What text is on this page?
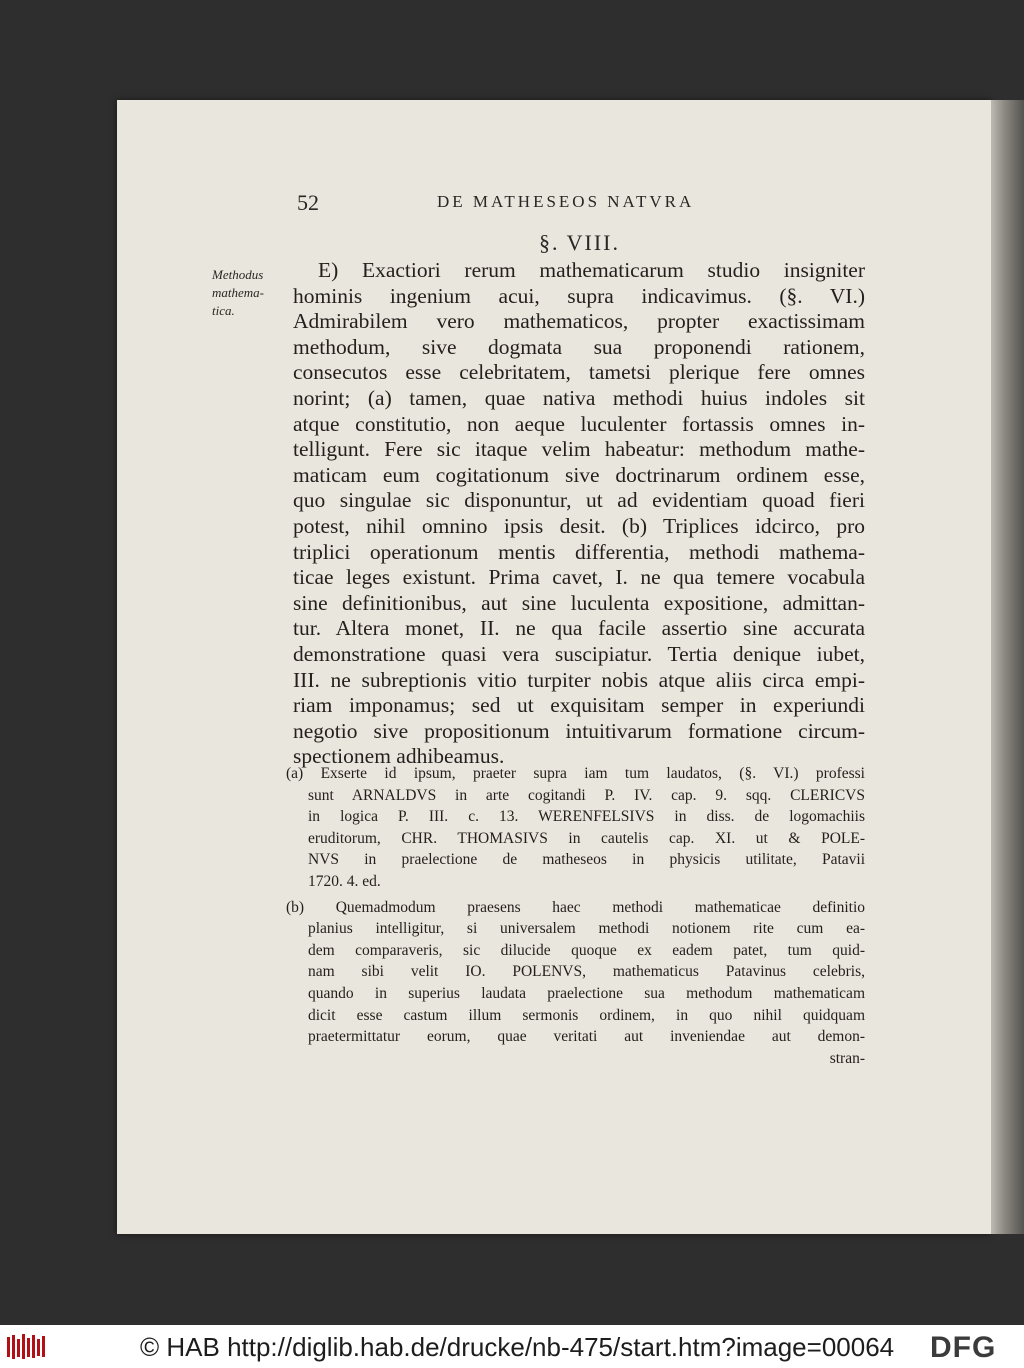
52	DE MATHESEOS NATVRA
§. VIII.
Methodus
mathema-
tica.
E) Exactiori rerum mathematicarum studio insigniter
hominis ingenium acui, supra indicavimus. (§. VI.)
Admirabilem vero mathematicos, propter exactissimam
methodum, sive dogmata sua proponendi rationem,
consecutos esse celebritatem, tametsi plerique fere omnes
norint; (a) tamen, quae nativa methodi huius indoles sit
atque constitutio, non aeque luculenter fortassis omnes in-
telligunt. Fere sic itaque velim habeatur: methodum mathe-
maticam eum cogitationum sive doctrinarum ordinem esse,
quo singulae sic disponuntur, ut ad evidentiam quoad fieri
potest, nihil omnino ipsis desit. (b) Triplices idcirco, pro
triplici operationum mentis differentia, methodi mathema-
ticae leges existunt. Prima cavet, I. ne qua temere vocabula
sine definitionibus, aut sine luculenta expositione, admittan-
tur. Altera monet, II. ne qua facile assertio sine accurata
demonstratione quasi vera suscipiatur. Tertia denique iubet,
III. ne subreptionis vitio turpiter nobis atque aliis circa empi-
riam imponamus; sed ut exquisitam semper in experiundi
negotio sive propositionum intuitivarum formatione circum-
spectionem adhibeamus.
(a) Exserte id ipsum, praeter supra iam tum laudatos, (§. VI.) professi
sunt ARNALDVS in arte cogitandi P. IV. cap. 9. sqq. CLERICVS
in logica P. III. c. 13. WERENFELSIVS in diss. de logomachiis
eruditorum, CHR. THOMASIVS in cautelis cap. XI. ut & POLE-
NVS in praelectione de matheseos in physicis utilitate, Patavii
1720. 4. ed.
(b) Quemadmodum praesens haec methodi mathematicae definitio
planius intelligitur, si universalem methodi notionem rite cum ea-
dem comparaveris, sic dilucide quoque ex eadem patet, tum quid-
nam sibi velit IO. POLENVS, mathematicus Patavinus celebris,
quando in superius laudata praelectione sua methodum mathematicam
dicit esse castum illum sermonis ordinem, in quo nihil quidquam
praetermittatur eorum, quae veritati aut inveniendae aut demon-
stran-
© HAB http://diglib.hab.de/drucke/nb-475/start.htm?image=00064 DFG
